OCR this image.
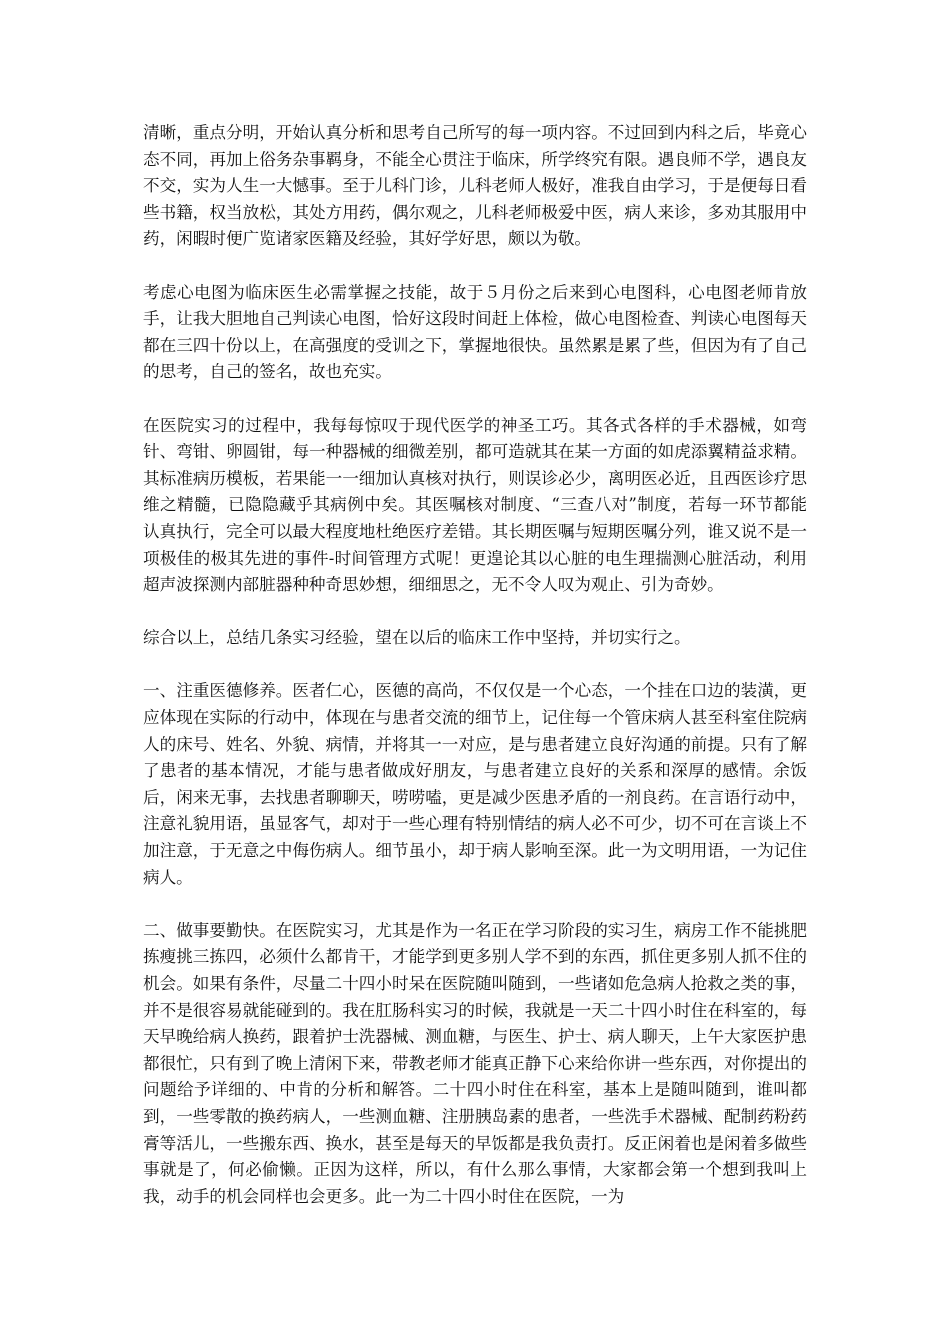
清晰，重点分明，开始认真分析和思考自己所写的每一项内容。不过回到内科之后，毕竟心态不同，再加上俗务杂事羁身，不能全心贯注于临床，所学终究有限。遇良师不学，遇良友不交，实为人生一大憾事。至于儿科门诊，儿科老师人极好，准我自由学习，于是便每日看些书籍，权当放松，其处方用药，偶尔观之，儿科老师极爱中医，病人来诊，多劝其服用中药，闲暇时便广览诸家医籍及经验，其好学好思，颇以为敬。

考虑心电图为临床医生必需掌握之技能，故于５月份之后来到心电图科，心电图老师肯放手，让我大胆地自己判读心电图，恰好这段时间赶上体检，做心电图检查、判读心电图每天都在三四十份以上，在高强度的受训之下，掌握地很快。虽然累是累了些，但因为有了自己的思考，自己的签名，故也充实。

在医院实习的过程中，我每每惊叹于现代医学的神圣工巧。其各式各样的手术器械，如弯针、弯钳、卵圆钳，每一种器械的细微差别，都可造就其在某一方面的如虎添翼精益求精。其标准病历模板，若果能一一细加认真核对执行，则误诊必少，离明医必近，且西医诊疗思维之精髓，已隐隐藏乎其病例中矣。其医嘱核对制度、“三查八对”制度，若每一环节都能认真执行，完全可以最大程度地杜绝医疗差错。其长期医嘱与短期医嘱分列，谁又说不是一项极佳的极其先进的事件-时间管理方式呢！更遑论其以心脏的电生理揣测心脏活动，利用超声波探测内部脏器种种奇思妙想，细细思之，无不令人叹为观止、引为奇妙。

综合以上，总结几条实习经验，望在以后的临床工作中坚持，并切实行之。

一、注重医德修养。医者仁心，医德的高尚，不仅仅是一个心态，一个挂在口边的装潢，更应体现在实际的行动中，体现在与患者交流的细节上，记住每一个管床病人甚至科室住院病人的床号、姓名、外貌、病情，并将其一一对应，是与患者建立良好沟通的前提。只有了解了患者的基本情况，才能与患者做成好朋友，与患者建立良好的关系和深厚的感情。余饭后，闲来无事，去找患者聊聊天，唠唠嗑，更是减少医患矛盾的一剂良药。在言语行动中，注意礼貌用语，虽显客气，却对于一些心理有特别情结的病人必不可少，切不可在言谈上不加注意，于无意之中侮伤病人。细节虽小，却于病人影响至深。此一为文明用语，一为记住病人。

二、做事要勤快。在医院实习，尤其是作为一名正在学习阶段的实习生，病房工作不能挑肥拣瘦挑三拣四，必须什么都肯干，才能学到更多别人学不到的东西，抓住更多别人抓不住的机会。如果有条件，尽量二十四小时呆在医院随叫随到，一些诸如危急病人抢救之类的事，并不是很容易就能碰到的。我在肛肠科实习的时候，我就是一天二十四小时住在科室的，每天早晚给病人换药，跟着护士洗器械、测血糖，与医生、护士、病人聊天，上午大家医护患都很忙，只有到了晚上清闲下来，带教老师才能真正静下心来给你讲一些东西，对你提出的问题给予详细的、中肯的分析和解答。二十四小时住在科室，基本上是随叫随到，谁叫都到，一些零散的换药病人，一些测血糖、注册胰岛素的患者，一些洗手术器械、配制药粉药膏等活儿，一些搬东西、换水，甚至是每天的早饭都是我负责打。反正闲着也是闲着多做些事就是了，何必偷懒。正因为这样，所以，有什么那么事情，大家都会第一个想到我叫上我，动手的机会同样也会更多。此一为二十四小时住在医院，一为
